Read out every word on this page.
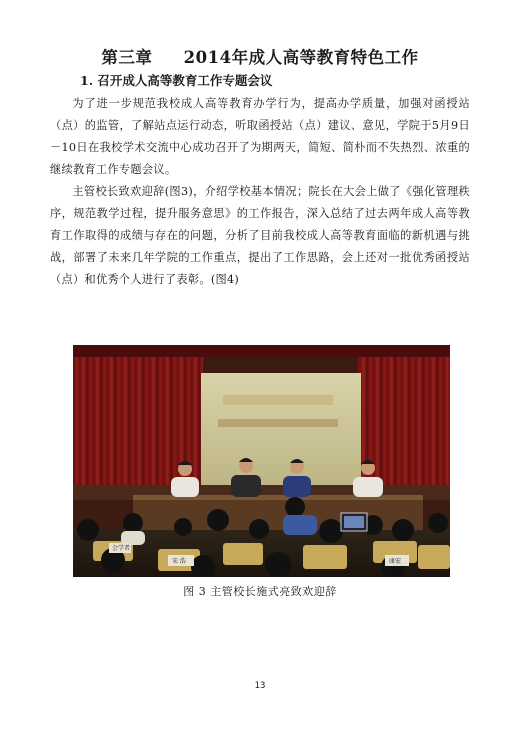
第三章     2014年成人高等教育特色工作
1. 召开成人高等教育工作专题会议

为了进一步规范我校成人高等教育办学行为，提高办学质量，加强对函授站（点）的监管，了解站点运行动态，听取函授站（点）建议、意见，学院于5月9日－10日在我校学术交流中心成功召开了为期两天，简短、简朴而不失热烈、浓重的继续教育工作专题会议。

主管校长致欢迎辞(图3)，介绍学校基本情况；院长在大会上做了《强化管理秩序，规范教学过程，提升服务意思》的工作报告，深入总结了过去两年成人高等教育工作取得的成绩与存在的问题，分析了目前我校成人高等教育面临的新机遇与挑战，部署了未来几年学院的工作重点，提出了工作思路，会上还对一批优秀函授站（点）和优秀个人进行了表彰。(图4)

会学者
宋 浩	康宏
图 3 主管校长施式亮致欢迎辞
13
